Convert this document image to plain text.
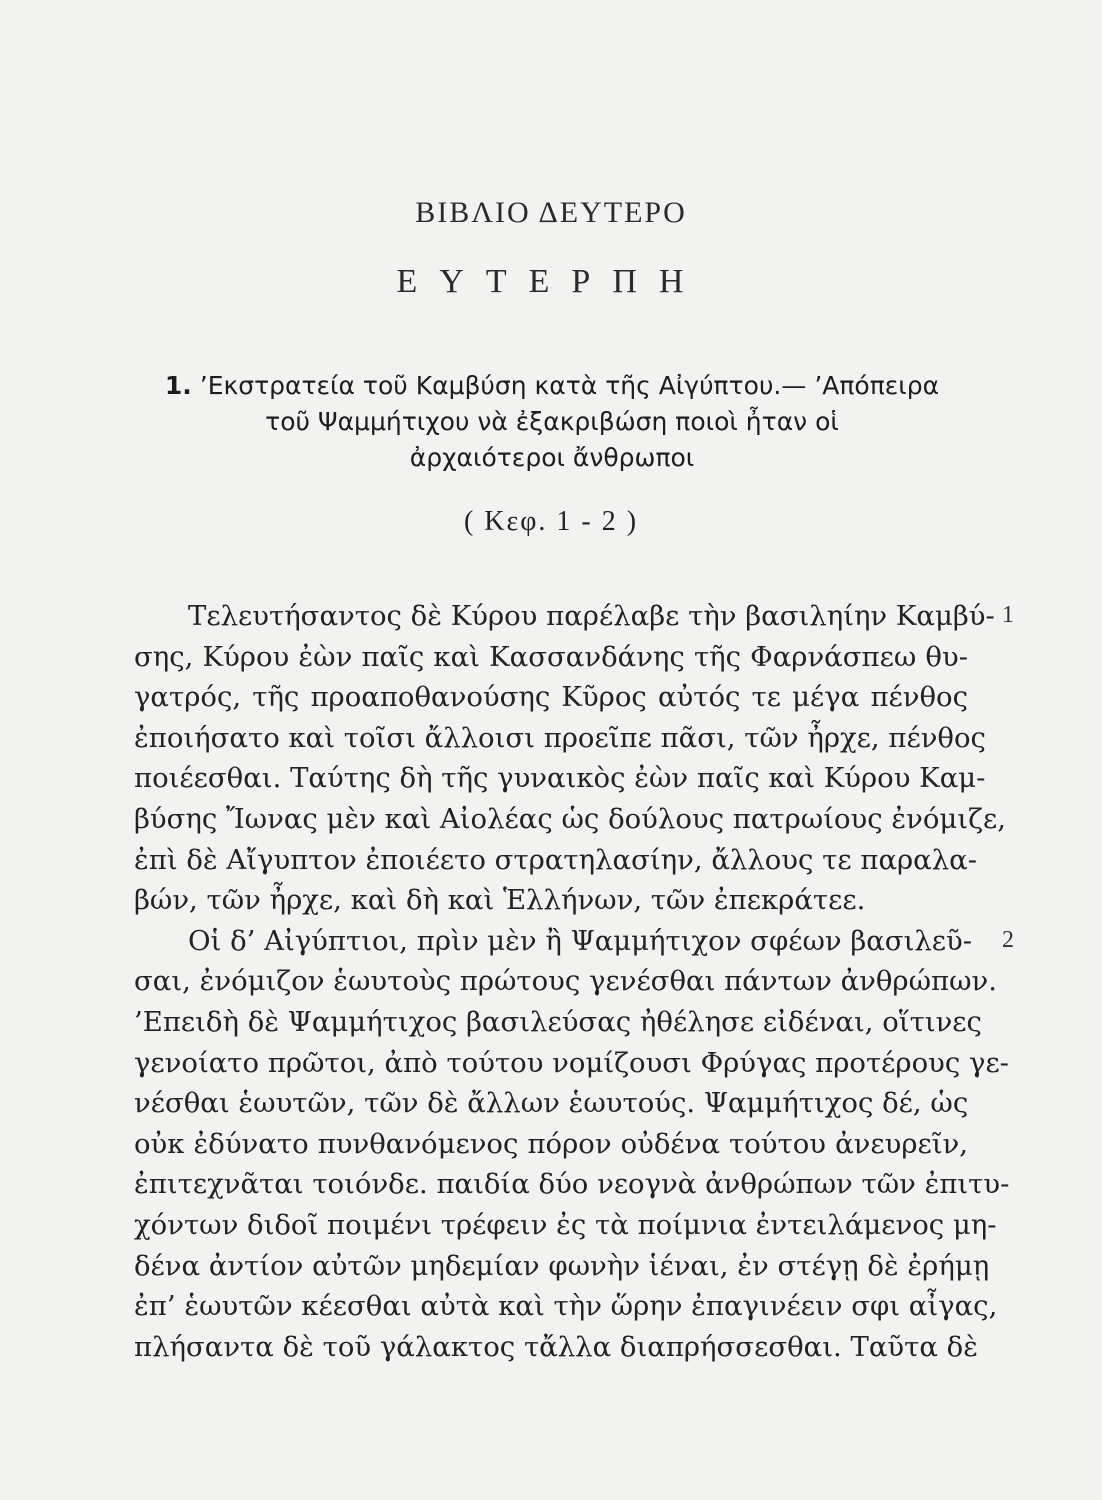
ΒΙΒΛΙΟ ΔΕΥΤΕΡΟ
ΕΥΤΕΡΠΗ
1. ’Εκστρατεία τοῦ Καμβύση κατὰ τῆς Αἰγύπτου.— ’Απόπειρα
τοῦ Ψαμμήτιχου νὰ ἐξακριβώση ποιοὶ ἦταν οἱ
ἀρχαιότεροι ἄνθρωποι
( Κεφ. 1 - 2 )
1
2
Τελευτήσαντος δὲ Κύρου παρέλαβε τὴν βασιληίην Καμβύ-
σης, Κύρου ἐὼν παῖς καὶ Κασσανδάνης τῆς Φαρνάσπεω θυ-
γατρός, τῆς προαποθανούσης Κῦρος αὐτός τε μέγα πένθος
ἐποιήσατο καὶ τοῖσι ἄλλοισι προεῖπε πᾶσι, τῶν ἦρχε, πένθος
ποιέεσθαι. Ταύτης δὴ τῆς γυναικὸς ἐὼν παῖς καὶ Κύρου Καμ-
βύσης Ἴωνας μὲν καὶ Αἰολέας ὡς δούλους πατρωίους ἐνόμιζε,
ἐπὶ δὲ Αἴγυπτον ἐποιέετο στρατηλασίην, ἄλλους τε παραλα-
βών, τῶν ἦρχε, καὶ δὴ καὶ Ἑλλήνων, τῶν ἐπεκράτεε.
Οἱ δ’ Αἰγύπτιοι, πρὶν μὲν ἢ Ψαμμήτιχον σφέων βασιλεῦ-
σαι, ἐνόμιζον ἑωυτοὺς πρώτους γενέσθαι πάντων ἀνθρώπων.
’Επειδὴ δὲ Ψαμμήτιχος βασιλεύσας ἠθέλησε εἰδέναι, οἵτινες
γενοίατο πρῶτοι, ἀπὸ τούτου νομίζουσι Φρύγας προτέρους γε-
νέσθαι ἑωυτῶν, τῶν δὲ ἄλλων ἑωυτούς. Ψαμμήτιχος δέ, ὡς
οὐκ ἐδύνατο πυνθανόμενος πόρον οὐδένα τούτου ἀνευρεῖν,
ἐπιτεχνᾶται τοιόνδε. παιδία δύο νεογνὰ ἀνθρώπων τῶν ἐπιτυ-
χόντων διδοῖ ποιμένι τρέφειν ἐς τὰ ποίμνια ἐντειλάμενος μη-
δένα ἀντίον αὐτῶν μηδεμίαν φωνὴν ἱέναι, ἐν στέγῃ δὲ ἐρήμῃ
ἐπ’ ἑωυτῶν κέεσθαι αὐτὰ καὶ τὴν ὥρην ἐπαγινέειν σφι αἶγας,
πλήσαντα δὲ τοῦ γάλακτος τἄλλα διαπρήσσεσθαι. Ταῦτα δὲ
